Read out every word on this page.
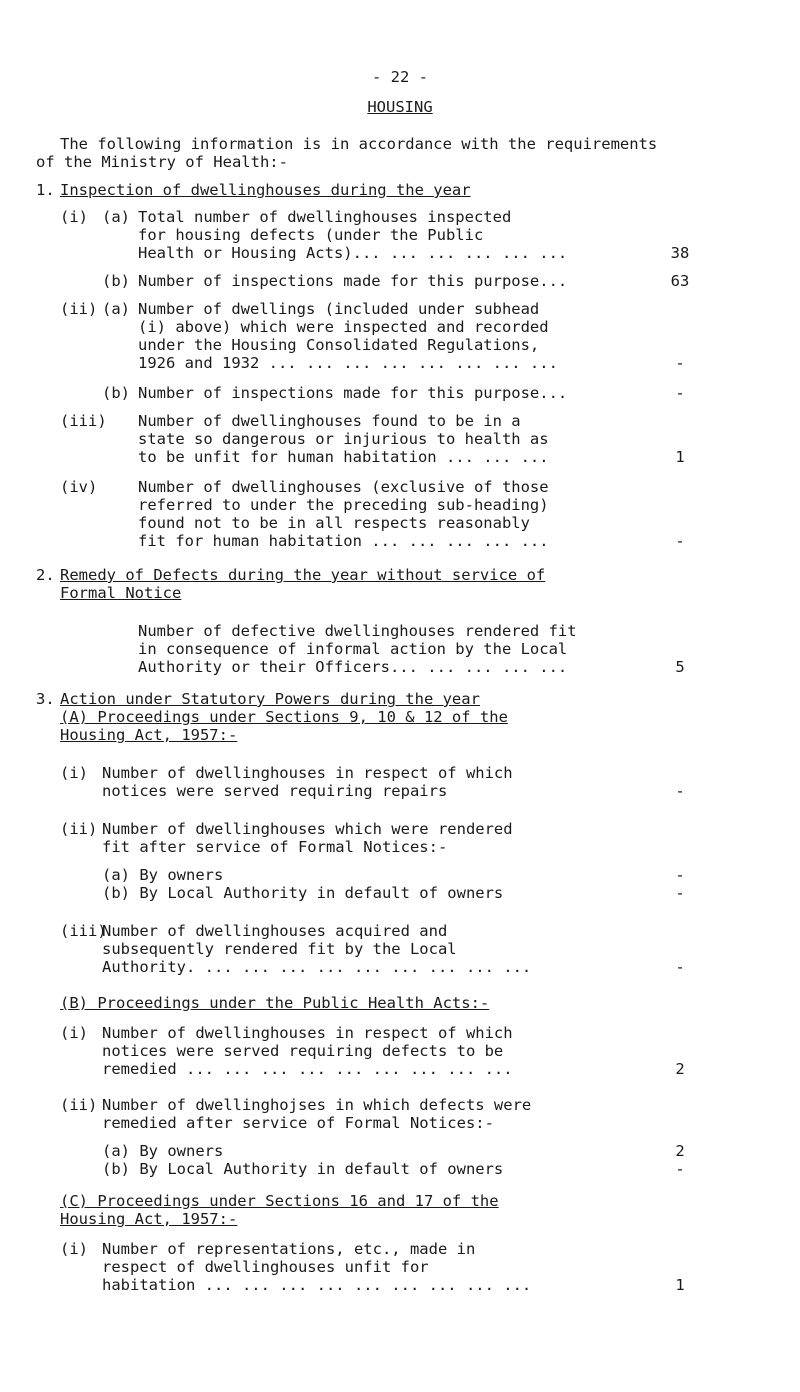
- 22 -
HOUSING
The following information is in accordance with the requirements
of the Ministry of Health:-
1. Inspection of dwellinghouses during the year
(i) (a) Total number of dwellinghouses inspected
for housing defects (under the Public
Health or Housing Acts)... ... ... ... ... ...	38
(b) Number of inspections made for this purpose...	63
(ii) (a) Number of dwellings (included under subhead
(i) above) which were inspected and recorded
under the Housing Consolidated Regulations,
1926 and 1932 ... ... ... ... ... ... ... ...	-
(b) Number of inspections made for this purpose...	-
(iii) Number of dwellinghouses found to be in a
state so dangerous or injurious to health as
to be unfit for human habitation ... ... ...	1
(iv)	Number of dwellinghouses (exclusive of those
referred to under the preceding sub-heading)
found not to be in all respects reasonably
fit for human habitation ... ... ... ... ...	-
2. Remedy of Defects during the year without service of
Formal Notice
Number of defective dwellinghouses rendered fit
in consequence of informal action by the Local
Authority or their Officers... ... ... ... ...	5
3. Action under Statutory Powers during the year
(A) Proceedings under Sections 9, 10 & 12 of the
Housing Act, 1957:-
(i) Number of dwellinghouses in respect of which
notices were served requiring repairs	-
(ii) Number of dwellinghouses which were rendered
fit after service of Formal Notices:-
(a) By owners	-
(b) By Local Authority in default of owners	-
(iii)
Number of dwellinghouses acquired and
subsequently rendered fit by the Local
Authority. ... ... ... ... ... ... ... ... ...	-
(B) Proceedings under the Public Health Acts:-
(i) Number of dwellinghouses in respect of which
notices were served requiring defects to be
remedied ... ... ... ... ... ... ... ... ...	2
(ii) Number of dwellinghojses in which defects were
remedied after service of Formal Notices:-
(a) By owners	2
(b) By Local Authority in default of owners	-
(C) Proceedings under Sections 16 and 17 of the
Housing Act, 1957:-
(i) Number of representations, etc., made in
respect of dwellinghouses unfit for
habitation ... ... ... ... ... ... ... ... ...	1
